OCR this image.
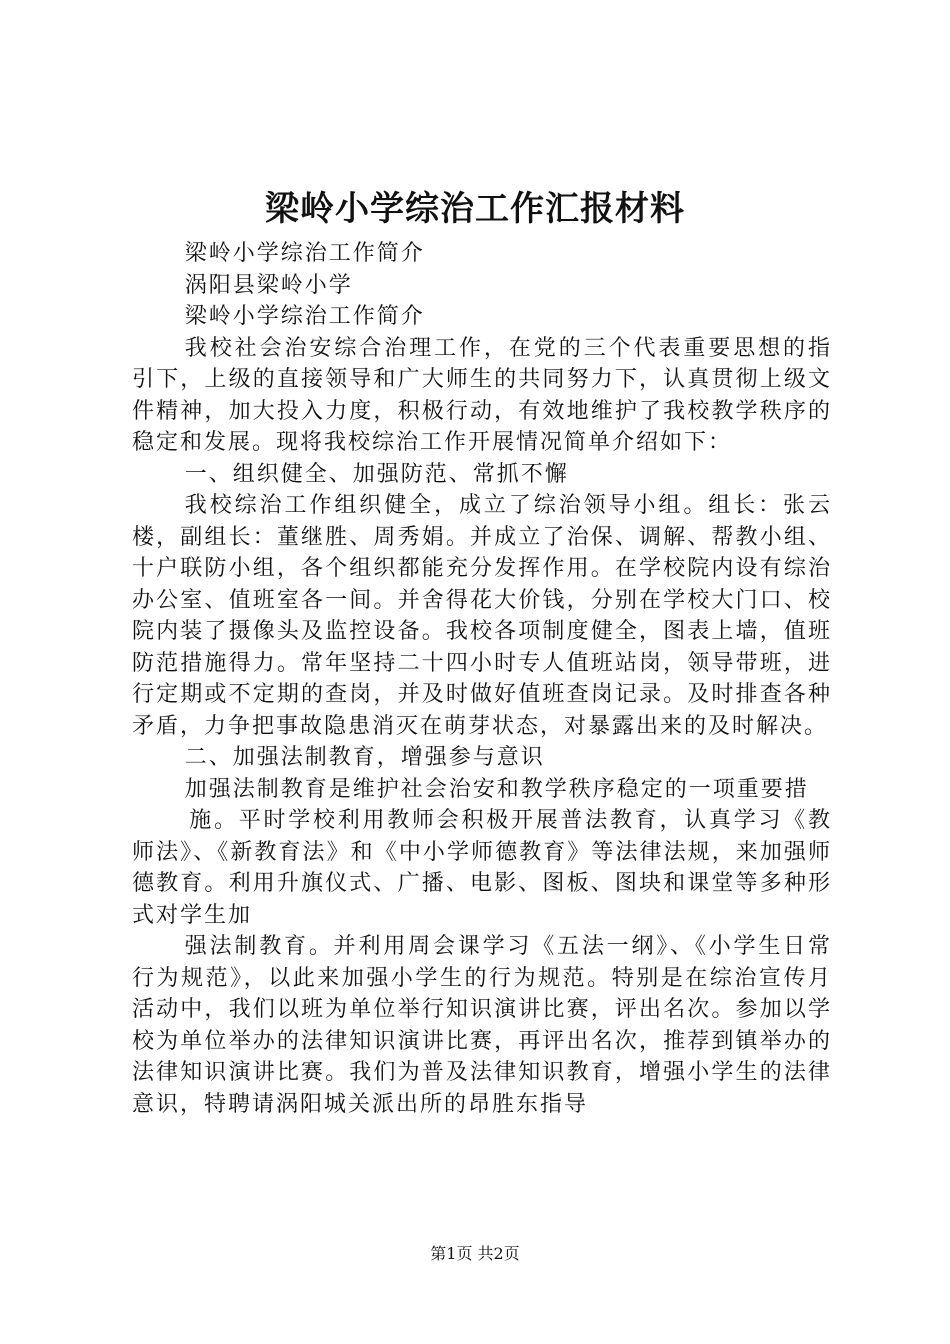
梁岭小学综治工作汇报材料

梁岭小学综治工作简介

涡阳县梁岭小学

梁岭小学综治工作简介

我校社会治安综合治理工作，在党的三个代表重要思想的指引下，上级的直接领导和广大师生的共同努力下，认真贯彻上级文件精神，加大投入力度，积极行动，有效地维护了我校教学秩序的稳定和发展。现将我校综治工作开展情况简单介绍如下：

一、组织健全、加强防范、常抓不懈

我校综治工作组织健全，成立了综治领导小组。组长：张云楼，副组长：董继胜、周秀娟。并成立了治保、调解、帮教小组、十户联防小组，各个组织都能充分发挥作用。在学校院内设有综治办公室、值班室各一间。并舍得花大价钱，分别在学校大门口、校院内装了摄像头及监控设备。我校各项制度健全，图表上墙，值班防范措施得力。常年坚持二十四小时专人值班站岗，领导带班，进行定期或不定期的查岗，并及时做好值班查岗记录。及时排查各种矛盾，力争把事故隐患消灭在萌芽状态，对暴露出来的及时解决。

二、加强法制教育，增强参与意识

加强法制教育是维护社会治安和教学秩序稳定的一项重要措

施。平时学校利用教师会积极开展普法教育，认真学习《教师法》、《新教育法》和《中小学师德教育》等法律法规，来加强师德教育。利用升旗仪式、广播、电影、图板、图块和课堂等多种形式对学生加

强法制教育。并利用周会课学习《五法一纲》、《小学生日常行为规范》，以此来加强小学生的行为规范。特别是在综治宣传月活动中，我们以班为单位举行知识演讲比赛，评出名次。参加以学校为单位举办的法律知识演讲比赛，再评出名次，推荐到镇举办的法律知识演讲比赛。我们为普及法律知识教育，增强小学生的法律意识，特聘请涡阳城关派出所的昂胜东指导

第1页 共2页
